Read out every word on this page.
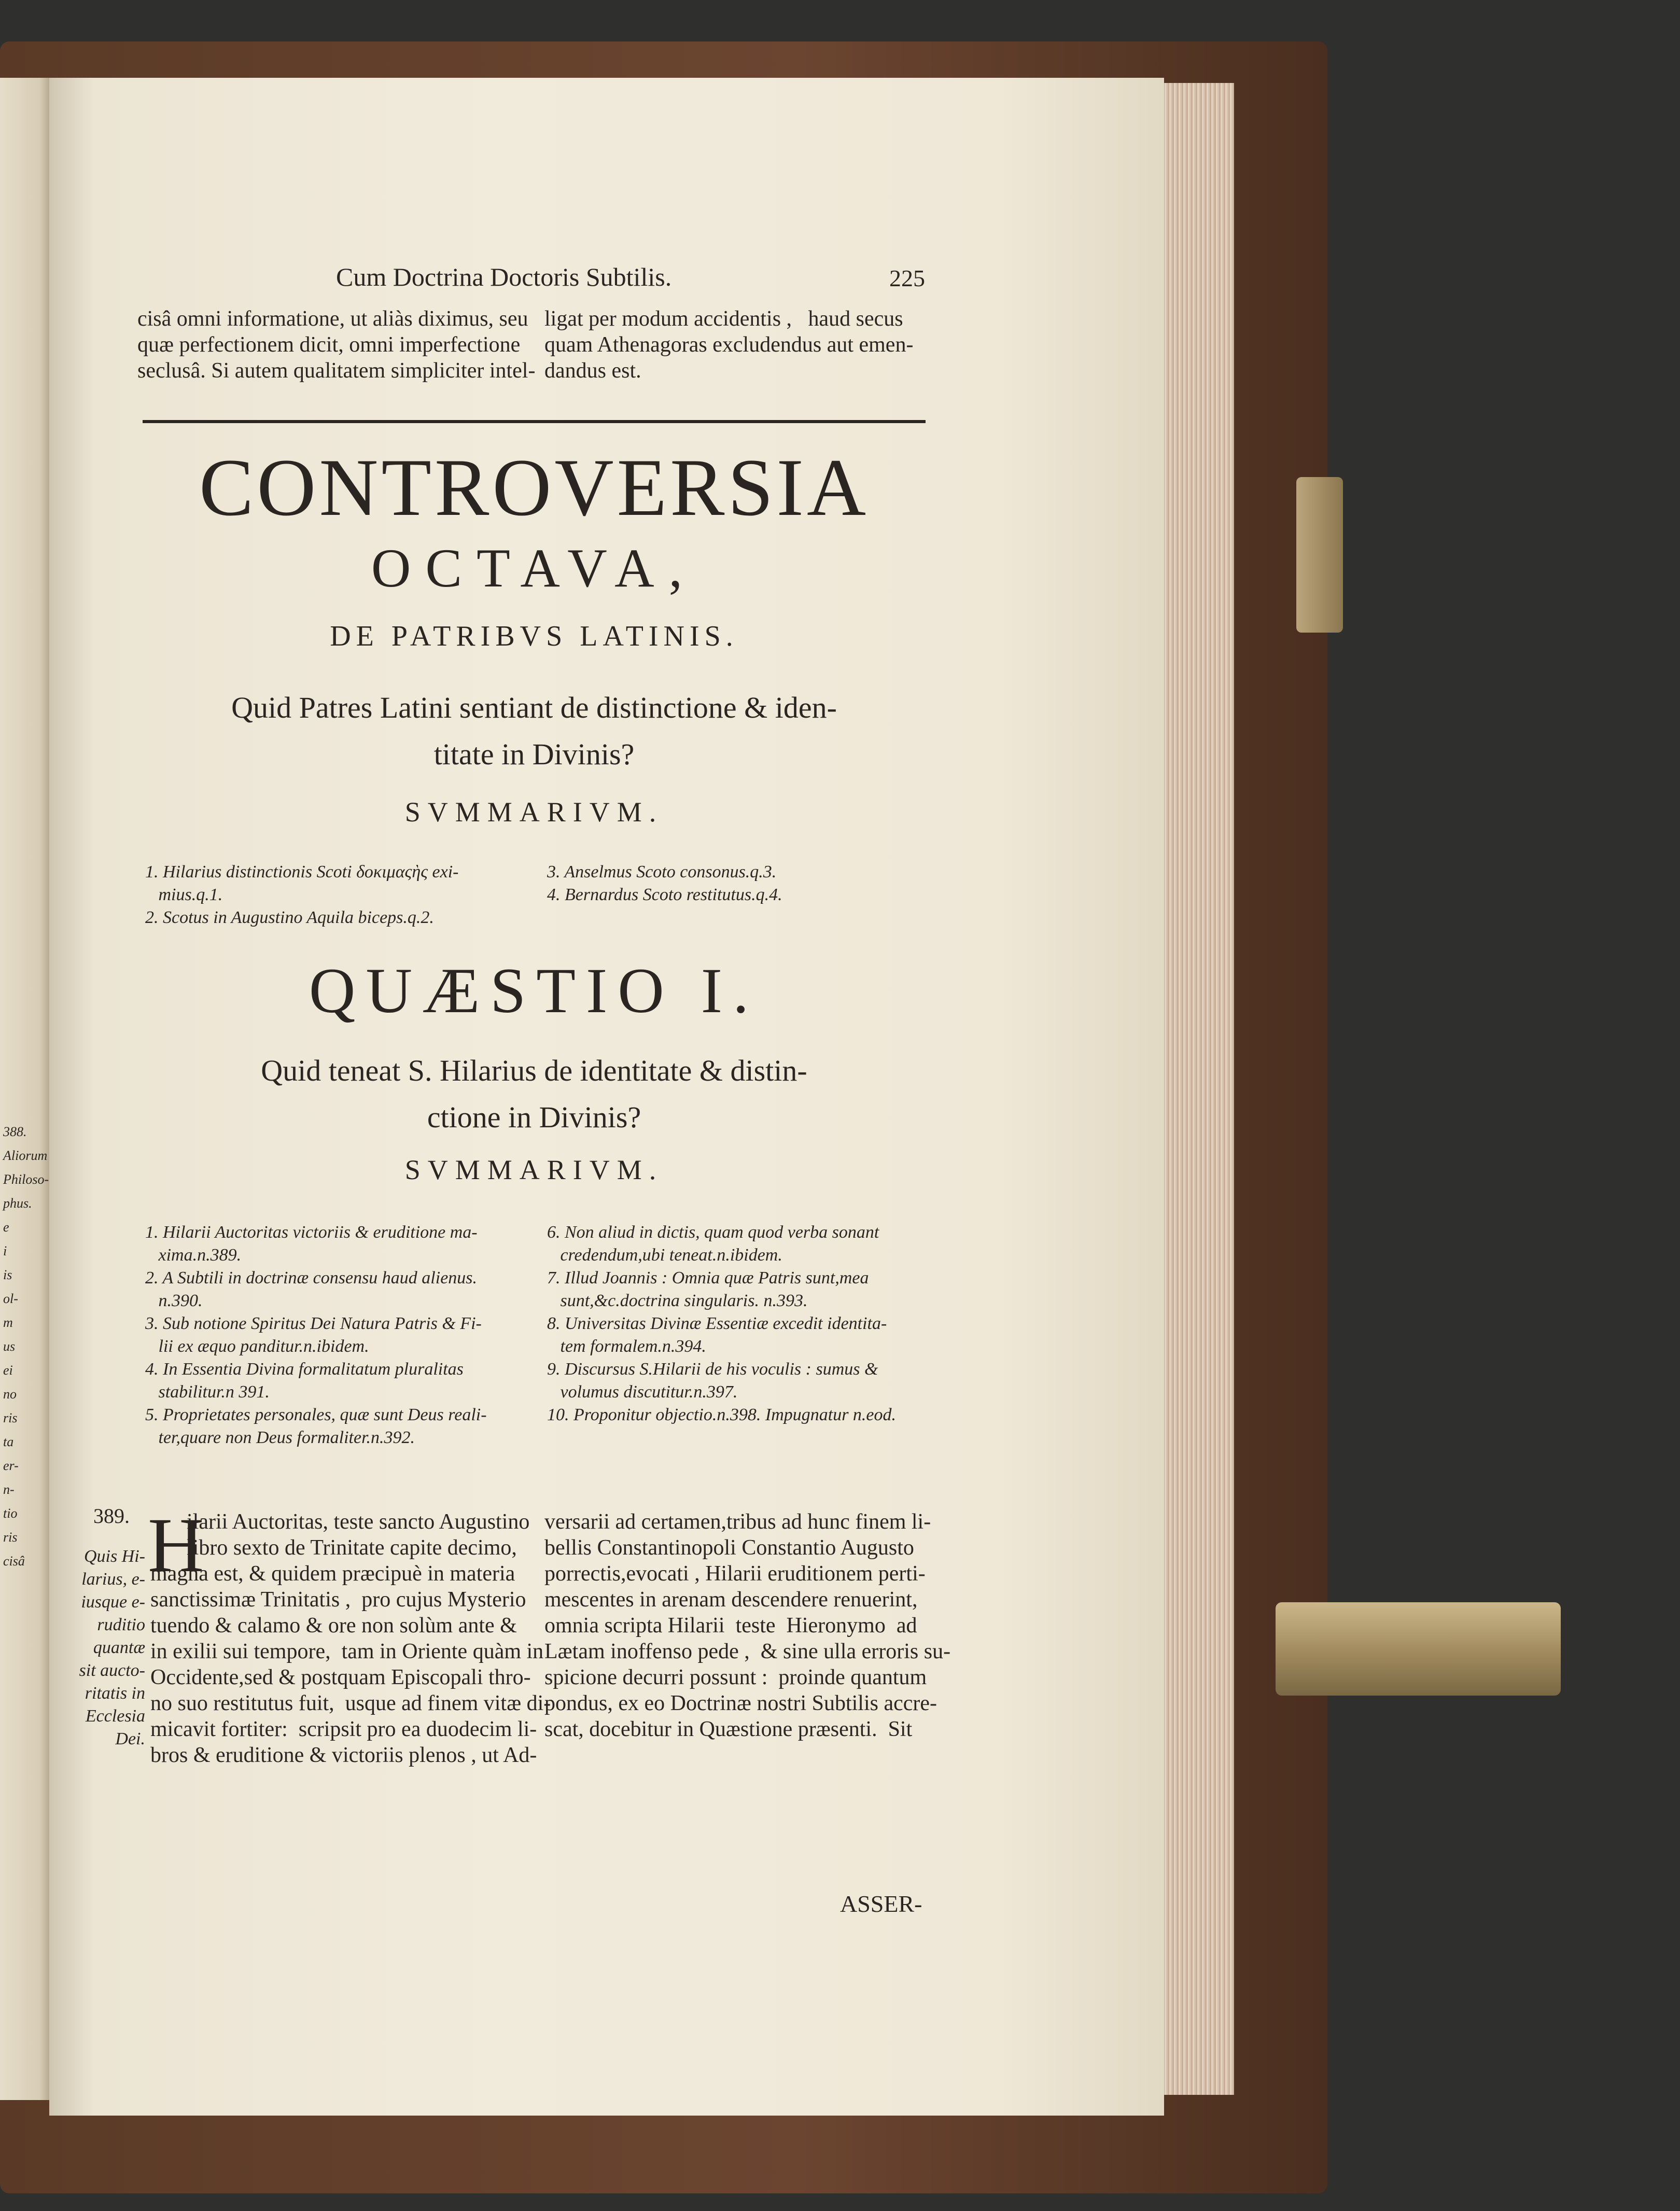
388.
Aliorum
Philoso-
phus.
e
i
is
ol-
m
us
ei
no
ris
ta
er-
n-
tio
ris
cisâ
Cum Doctrina Doctoris Subtilis.	225
cisâ omni informatione, ut aliàs diximus, seu
quæ perfectionem dicit, omni imperfectione
seclusâ. Si autem qualitatem simpliciter intel-
ligat per modum accidentis ,   haud secus
quam Athenagoras excludendus aut emen-
dandus est.
CONTROVERSIA
OCTAVA,
DE PATRIBVS LATINIS.
Quid Patres Latini sentiant de distinctione & iden-
titate in Divinis?
SVMMARIVM.
1. Hilarius distinctionis Scoti δοκιμαςὴς exi-
mius.q.1.
2. Scotus in Augustino Aquila biceps.q.2.
3. Anselmus Scoto consonus.q.3.
4. Bernardus Scoto restitutus.q.4.
QUÆSTIO I.
Quid teneat S. Hilarius de identitate & distin-
ctione in Divinis?
SVMMARIVM.
1. Hilarii Auctoritas victoriis & eruditione ma-
xima.n.389.
2. A Subtili in doctrinæ consensu haud alienus.
n.390.
3. Sub notione Spiritus Dei Natura Patris & Fi-
lii ex æquo panditur.n.ibidem.
4. In Essentia Divina formalitatum pluralitas
stabilitur.n 391.
5. Proprietates personales, quæ sunt Deus reali-
ter,quare non Deus formaliter.n.392.
6. Non aliud in dictis, quam quod verba sonant
credendum,ubi teneat.n.ibidem.
7. Illud Joannis : Omnia quæ Patris sunt,mea
sunt,&c.doctrina singularis. n.393.
8. Universitas Divinæ Essentiæ excedit identita-
tem formalem.n.394.
9. Discursus S.Hilarii de his voculis : sumus &
volumus discutitur.n.397.
10. Proponitur objectio.n.398. Impugnatur n.eod.
389.
Quis Hi-
larius, e-
iusque e-
ruditio
quantæ
sit aucto-
ritatis in
Ecclesia
Dei.
H
ilarii Auctoritas, teste sancto Augustino
libro sexto de Trinitate capite decimo,
magna est, & quidem præcipuè in materia
sanctissimæ Trinitatis ,  pro cujus Mysterio
tuendo & calamo & ore non solùm ante &
in exilii sui tempore,  tam in Oriente quàm in
Occidente,sed & postquam Episcopali thro-
no suo restitutus fuit,  usque ad finem vitæ di-
micavit fortiter:  scripsit pro ea duodecim li-
bros & eruditione & victoriis plenos , ut Ad-
versarii ad certamen,tribus ad hunc finem li-
bellis Constantinopoli Constantio Augusto
porrectis,evocati , Hilarii eruditionem perti-
mescentes in arenam descendere renuerint,
omnia scripta Hilarii  teste  Hieronymo  ad
Lætam inoffenso pede ,  & sine ulla erroris su-
spicione decurri possunt :  proinde quantum
pondus, ex eo Doctrinæ nostri Subtilis accre-
scat, docebitur in Quæstione præsenti.  Sit
ASSER-
